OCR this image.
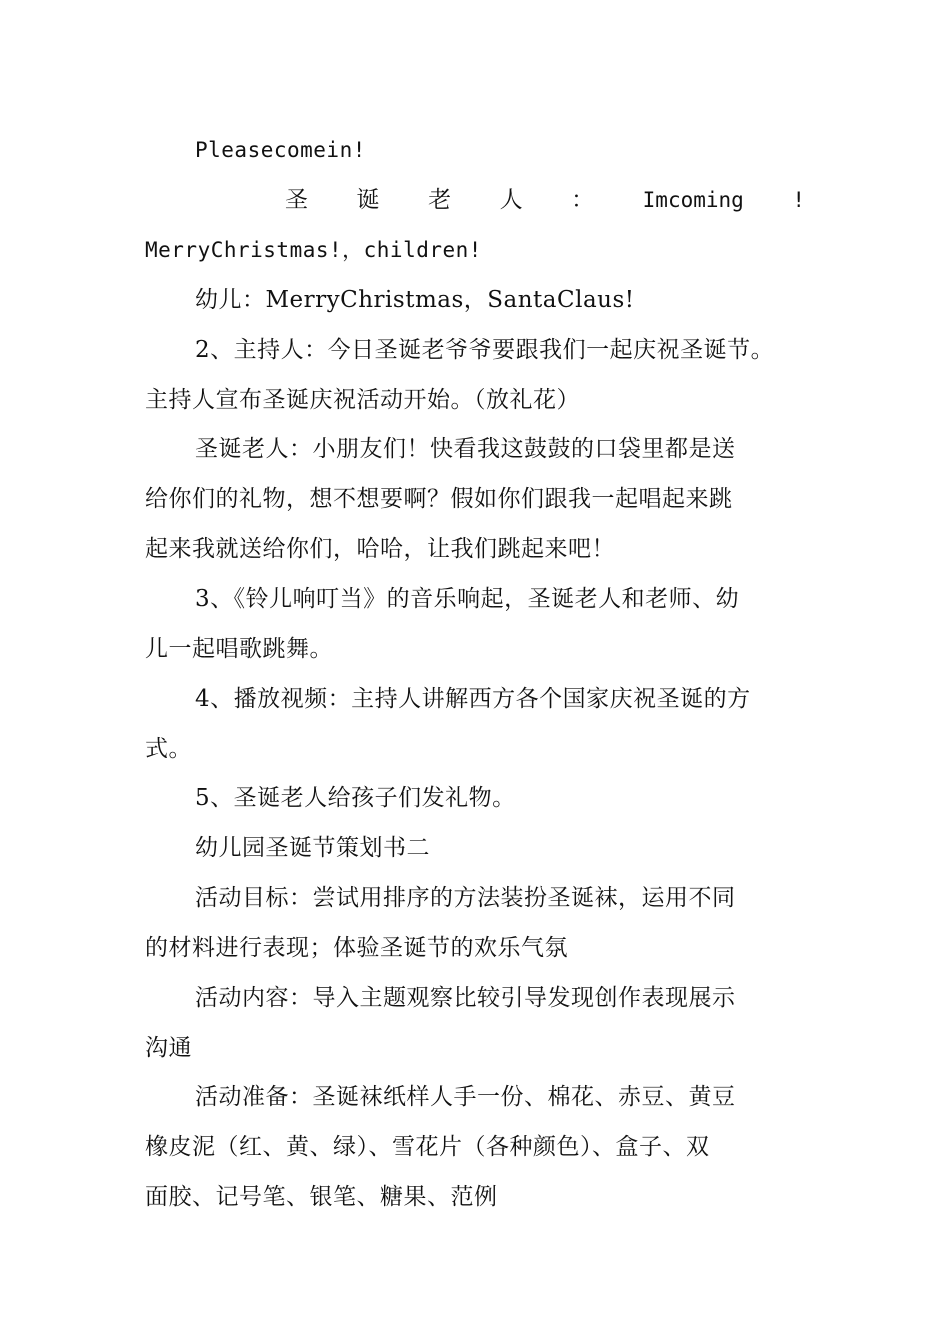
Pleasecomein!
圣 诞 老 人 ： Imcoming !
MerryChristmas!，children!
幼儿：MerryChristmas，SantaClaus!
2、主持人：今日圣诞老爷爷要跟我们一起庆祝圣诞节。
主持人宣布圣诞庆祝活动开始。（放礼花）
圣诞老人：小朋友们！快看我这鼓鼓的口袋里都是送
给你们的礼物，想不想要啊？假如你们跟我一起唱起来跳
起来我就送给你们，哈哈，让我们跳起来吧！
3、《铃儿响叮当》的音乐响起，圣诞老人和老师、幼
儿一起唱歌跳舞。
4、播放视频：主持人讲解西方各个国家庆祝圣诞的方
式。
5、圣诞老人给孩子们发礼物。
幼儿园圣诞节策划书二
活动目标：尝试用排序的方法装扮圣诞袜，运用不同
的材料进行表现；体验圣诞节的欢乐气氛
活动内容：导入主题观察比较引导发现创作表现展示
沟通
活动准备：圣诞袜纸样人手一份、棉花、赤豆、黄豆
橡皮泥（红、黄、绿）、雪花片（各种颜色）、盒子、双
面胶、记号笔、银笔、糖果、范例
